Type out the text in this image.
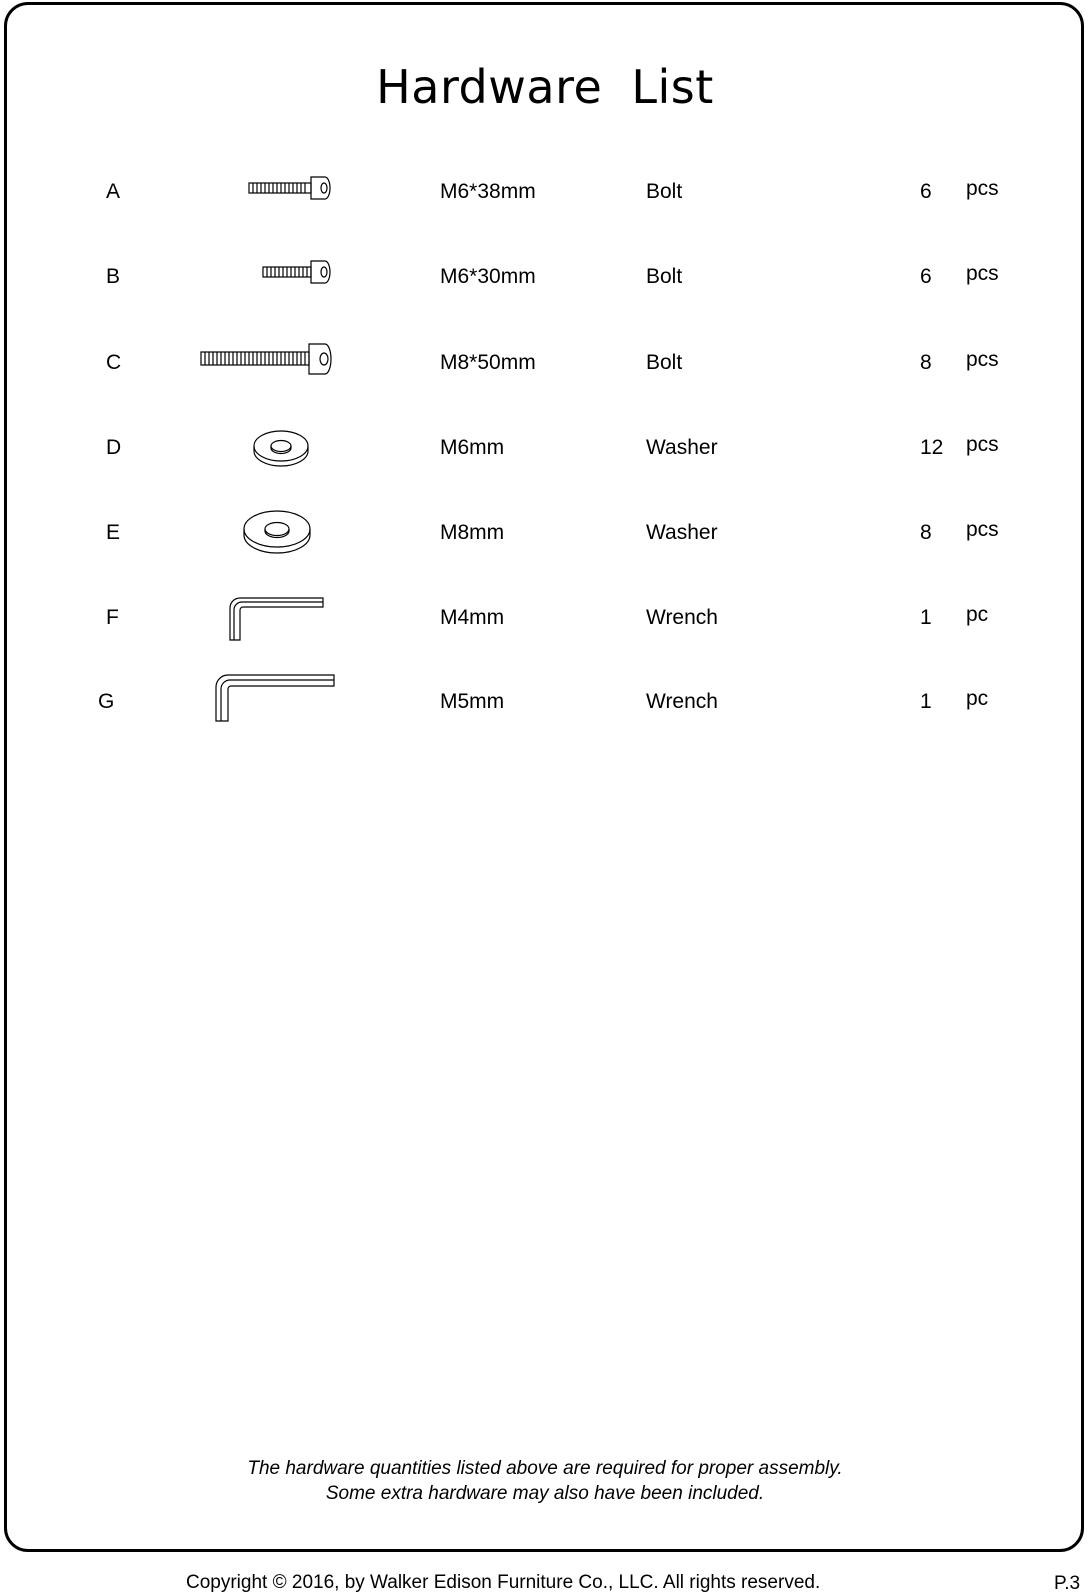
Hardware List
A	M6*38mm	Bolt	6 pcs
B	M6*30mm	Bolt	6 pcs
C	M8*50mm	Bolt	8 pcs
D	M6mm	Washer	12 pcs
E	M8mm	Washer	8 pcs
F	M4mm	Wrench	1 pc
G	M5mm	Wrench	1 pc
The hardware quantities listed above are required for proper assembly.
Some extra hardware may also have been included.
Copyright © 2016, by Walker Edison Furniture Co., LLC. All rights reserved.	P.3
